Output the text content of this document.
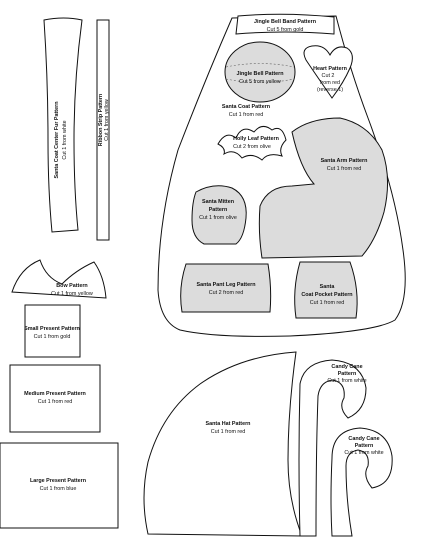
Santa Coat Pattern
Cut 1 from red
Jingle Bell Band Pattern
Cut 5 from gold
Jingle Bell Pattern
Cut 5 from yellow
Heart Pattern
Cut 2
from red
(reverse 1)
Holly Leaf Pattern
Cut 2 from olive
Santa Arm Pattern
Cut 1 from red
Santa Mitten
Pattern
Cut 1 from olive
Santa Pant Leg Pattern
Cut 2 from red
Santa
Coat Pocket Pattern
Cut 1 from red
Santa Coat Center Fur Pattern Cut 1 from white	Ribbon Strip Pattern Cut 1 from yellow
Bow Pattern
Cut 1 from yellow
Small Present Pattern
Cut 1 from gold
Medium Present Pattern
Cut 1 from red
Large Present Pattern
Cut 1 from blue
Santa Hat Pattern
Cut 1 from red
Candy Cane
Pattern
Cut 1 from white
Candy Cane
Pattern
Cut 1 from white
